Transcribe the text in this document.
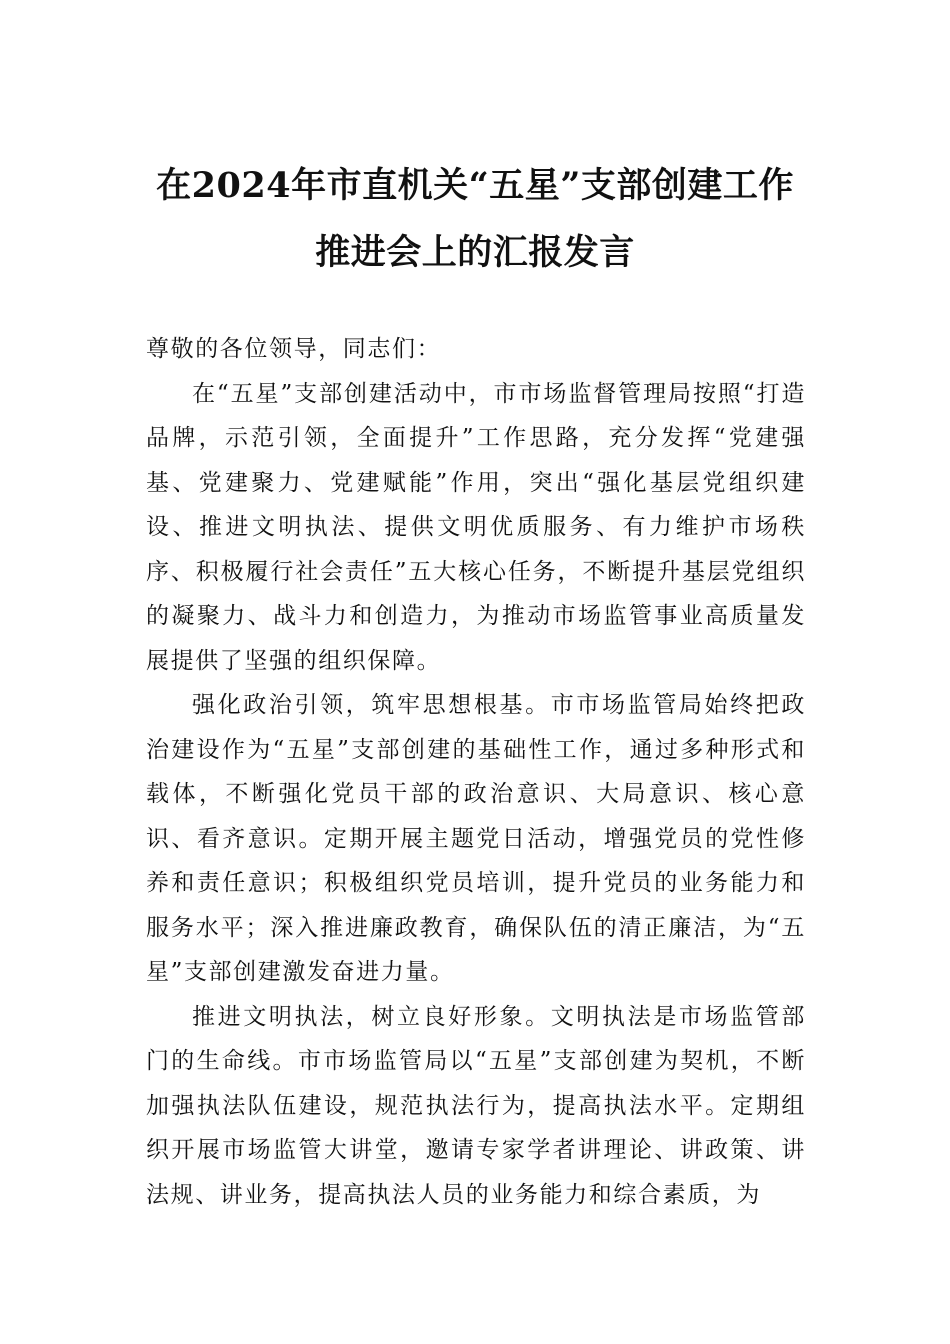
在2024年市直机关“五星”支部创建工作
推进会上的汇报发言

尊敬的各位领导，同志们：

在“五星”支部创建活动中，市市场监督管理局按照“打造品牌，示范引领，全面提升”工作思路，充分发挥“党建强基、党建聚力、党建赋能”作用，突出“强化基层党组织建设、推进文明执法、提供文明优质服务、有力维护市场秩序、积极履行社会责任”五大核心任务，不断提升基层党组织的凝聚力、战斗力和创造力，为推动市场监管事业高质量发展提供了坚强的组织保障。

强化政治引领，筑牢思想根基。市市场监管局始终把政治建设作为“五星”支部创建的基础性工作，通过多种形式和载体，不断强化党员干部的政治意识、大局意识、核心意识、看齐意识。定期开展主题党日活动，增强党员的党性修养和责任意识；积极组织党员培训，提升党员的业务能力和服务水平；深入推进廉政教育，确保队伍的清正廉洁，为“五星”支部创建激发奋进力量。

推进文明执法，树立良好形象。文明执法是市场监管部门的生命线。市市场监管局以“五星”支部创建为契机，不断加强执法队伍建设，规范执法行为，提高执法水平。定期组织开展市场监管大讲堂，邀请专家学者讲理论、讲政策、讲法规、讲业务，提高执法人员的业务能力和综合素质，为
